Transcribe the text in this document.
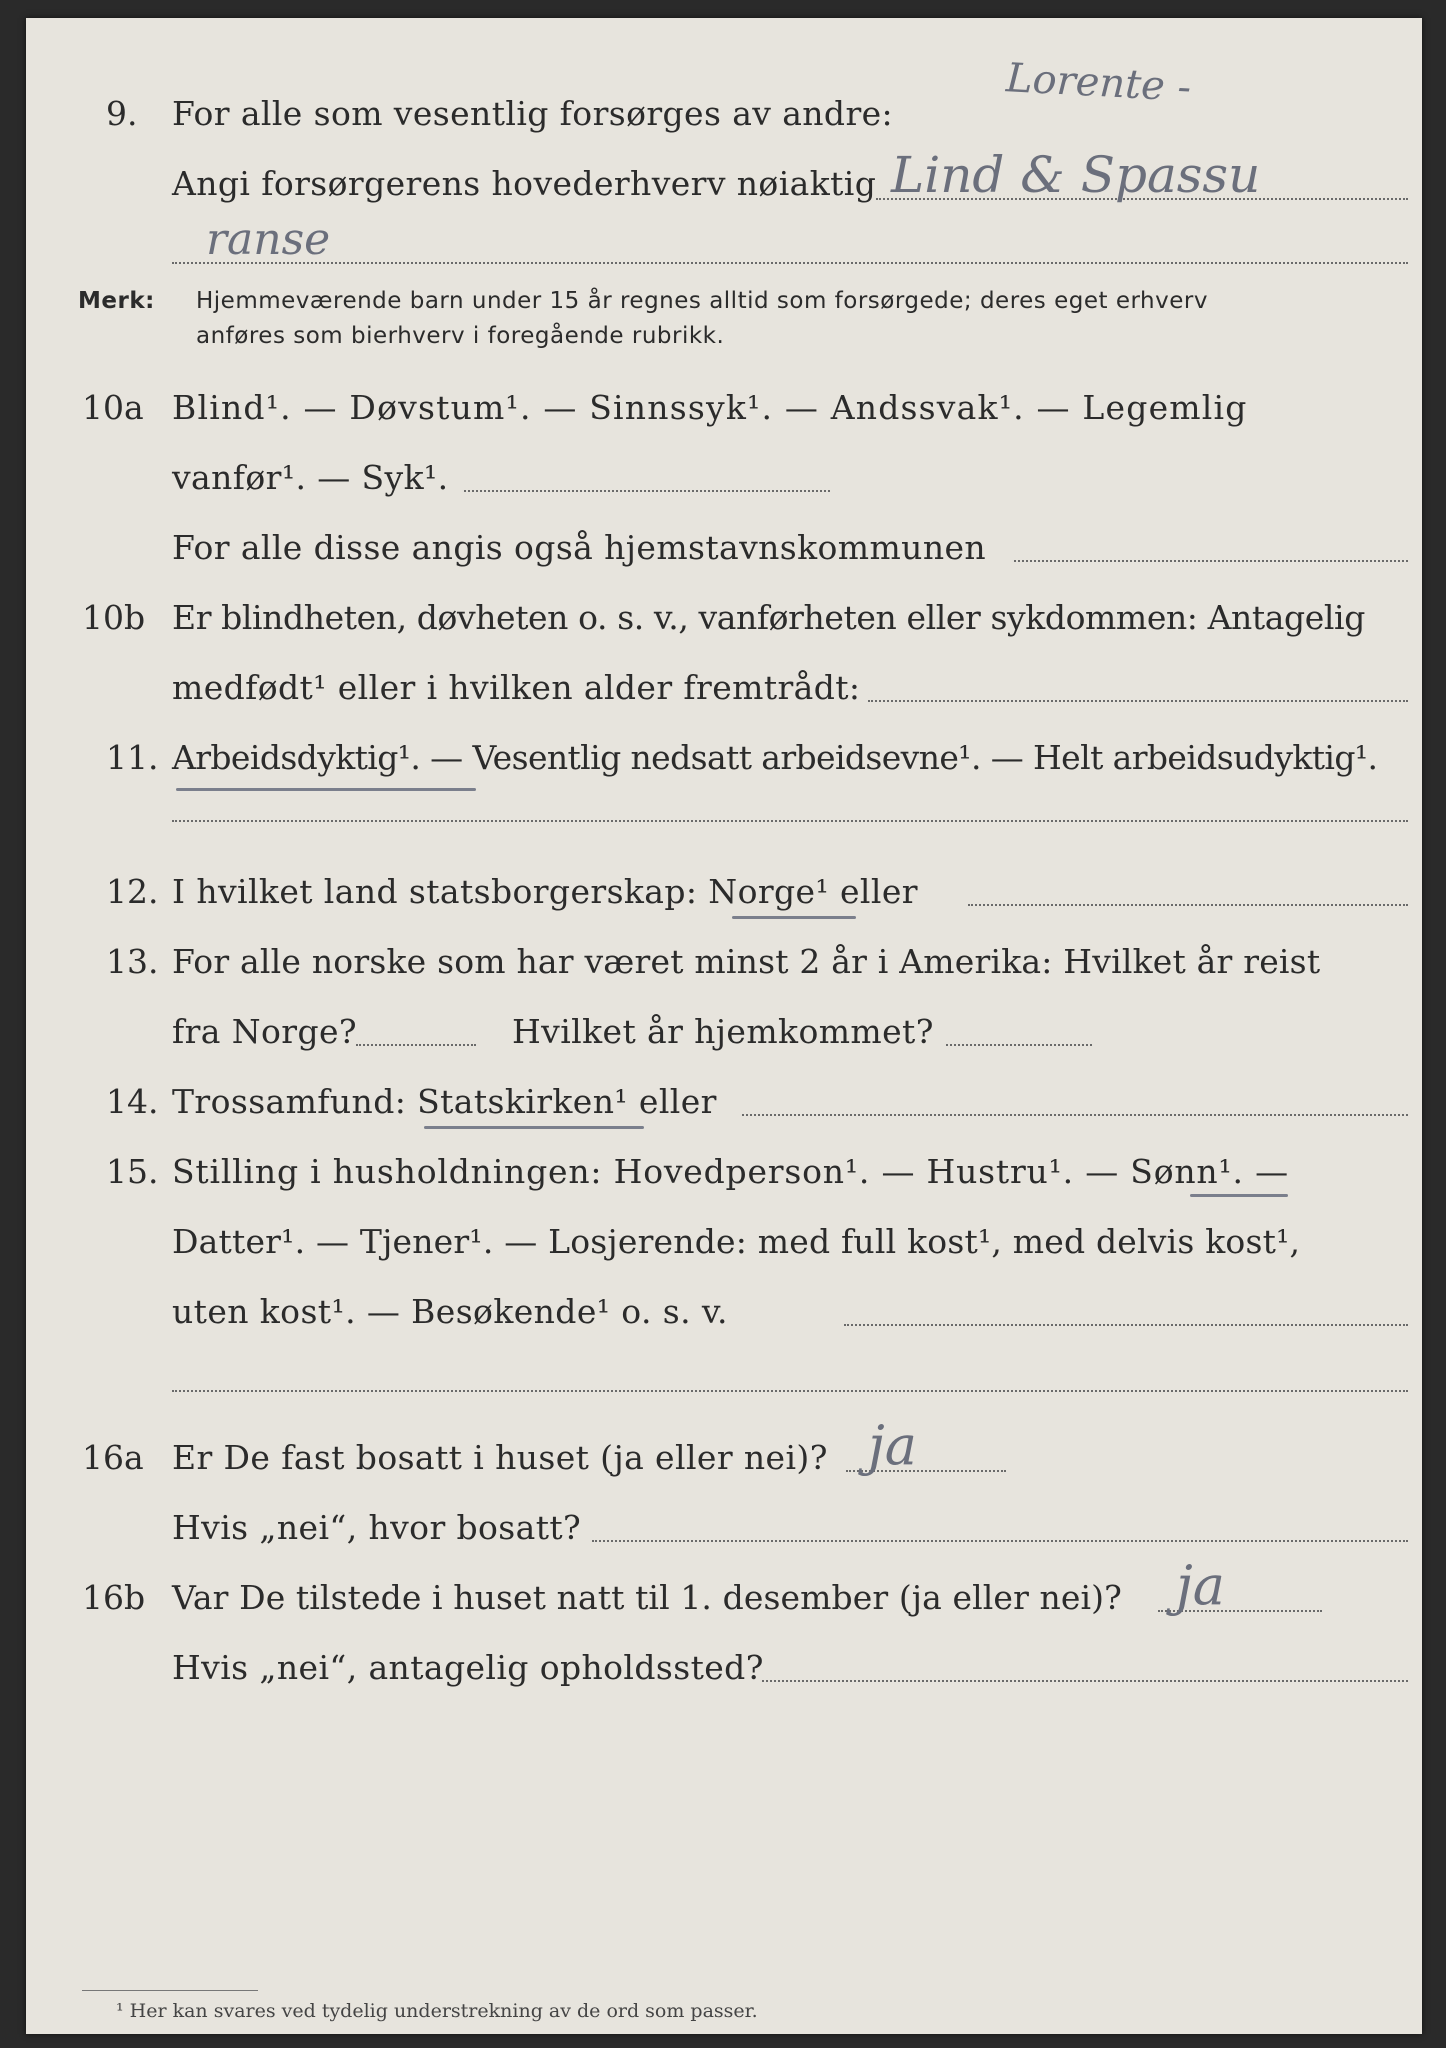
9. For alle som vesentlig forsørges av andre:
Lorente -
Angi forsørgerens hovederhverv nøiaktig Lind & Spassu
ranse
Merk: Hjemmeværende barn under 15 år regnes alltid som forsørgede; deres eget erhverv
anføres som bierhverv i foregående rubrikk.
10a Blind¹. — Døvstum¹. — Sinnssyk¹. — Andssvak¹. — Legemlig
vanfør¹. — Syk¹.
For alle disse angis også hjemstavnskommunen
10b Er blindheten, døvheten o. s. v., vanførheten eller sykdommen: Antagelig
medfødt¹ eller i hvilken alder fremtrådt:
11. Arbeidsdyktig¹. — Vesentlig nedsatt arbeidsevne¹. — Helt arbeidsudyktig¹.
12. I hvilket land statsborgerskap: Norge¹ eller
13. For alle norske som har været minst 2 år i Amerika: Hvilket år reist
fra Norge?	Hvilket år hjemkommet?
14. Trossamfund: Statskirken¹ eller
15. Stilling i husholdningen: Hovedperson¹. — Hustru¹. — Sønn¹. —
Datter¹. — Tjener¹. — Losjerende: med full kost¹, med delvis kost¹,
uten kost¹. — Besøkende¹ o. s. v.
16a Er De fast bosatt i huset (ja eller nei)? ja
Hvis „nei“, hvor bosatt?
16b Var De tilstede i huset natt til 1. desember (ja eller nei)? ja
Hvis „nei“, antagelig opholdssted?
¹ Her kan svares ved tydelig understrekning av de ord som passer.
